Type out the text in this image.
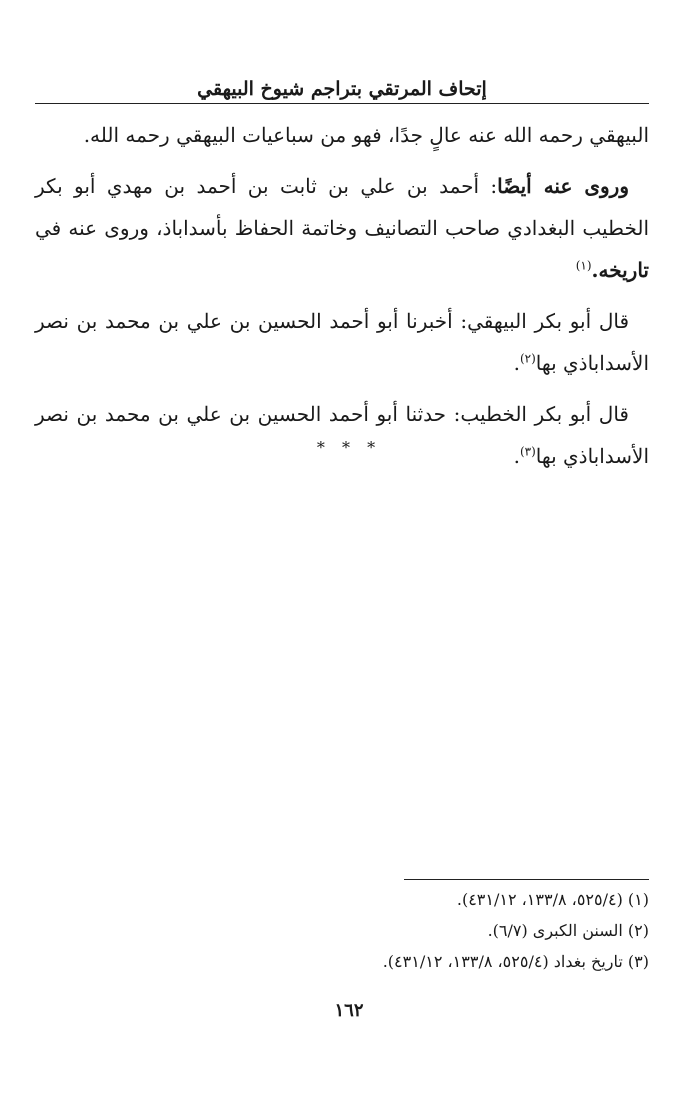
إتحاف المرتقي بتراجم شيوخ البيهقي

البيهقي رحمه الله عنه عالٍ جدًا، فهو من سباعيات البيهقي رحمه الله.

وروى عنه أيضًا: أحمد بن علي بن ثابت بن أحمد بن مهدي أبو بكر الخطيب البغدادي صاحب التصانيف وخاتمة الحفاظ بأسداباذ، وروى عنه في تاريخه.$^{(١)}$

قال أبو بكر البيهقي: أخبرنا أبو أحمد الحسين بن علي بن محمد بن نصر الأسداباذي بها$^{(٢)}$.

قال أبو بكر الخطيب: حدثنا أبو أحمد الحسين بن علي بن محمد بن نصر الأسداباذي بها$^{(٣)}$.

* * *

(١) (٥٢٥/٤، ١٣٣/٨، ٤٣١/١٢).

(٢) السنن الكبرى (٦/٧).

(٣) تاريخ بغداد (٥٢٥/٤، ١٣٣/٨، ٤٣١/١٢).

١٦٢
